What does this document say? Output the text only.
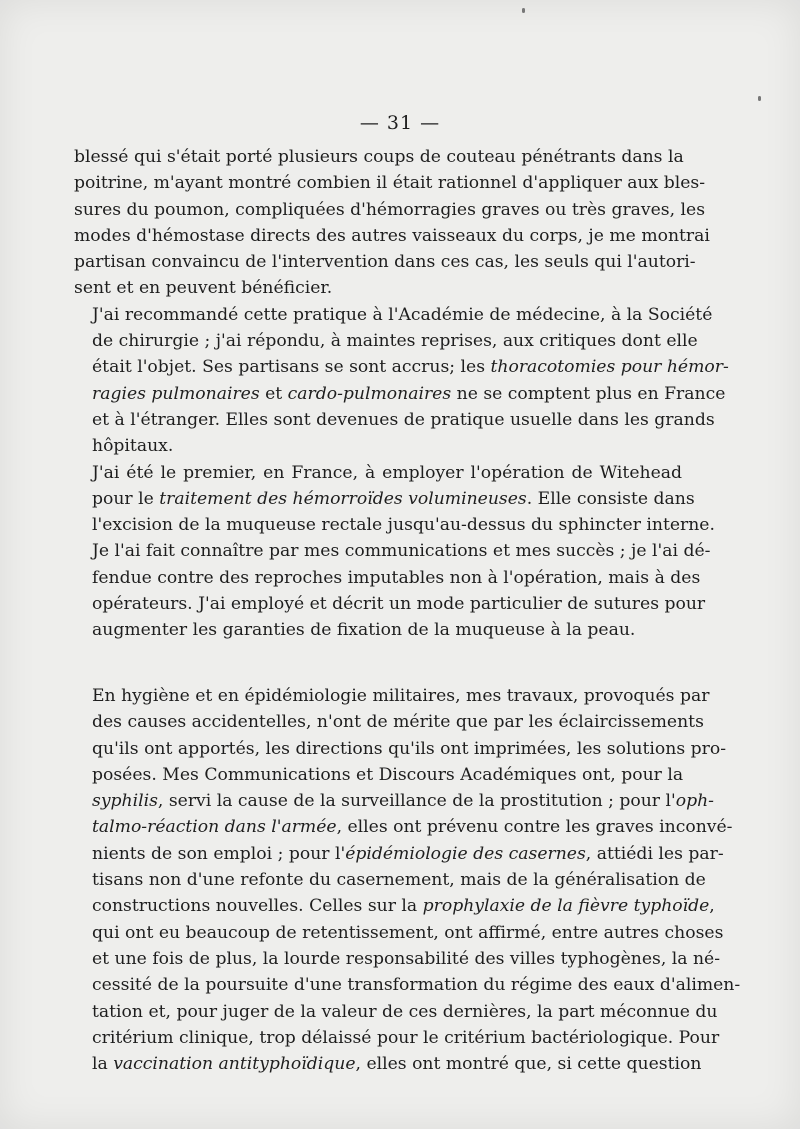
— 31 —

blessé qui s'était porté plusieurs coups de couteau pénétrants dans la
poitrine, m'ayant montré combien il était rationnel d'appliquer aux bles-
sures du poumon, compliquées d'hémorragies graves ou très graves, les
modes d'hémostase directs des autres vaisseaux du corps, je me montrai
partisan convaincu de l'intervention dans ces cas, les seuls qui l'autori-
sent et en peuvent bénéficier.

J'ai recommandé cette pratique à l'Académie de médecine, à la Société
de chirurgie ; j'ai répondu, à maintes reprises, aux critiques dont elle
était l'objet. Ses partisans se sont accrus; les thoracotomies pour hémor-
ragies pulmonaires et cardo-pulmonaires ne se comptent plus en France
et à l'étranger. Elles sont devenues de pratique usuelle dans les grands
hôpitaux.

J'ai été le premier, en France, à employer l'opération de Witehead
pour le traitement des hémorroïdes volumineuses. Elle consiste dans
l'excision de la muqueuse rectale jusqu'au-dessus du sphincter interne.
Je l'ai fait connaître par mes communications et mes succès ; je l'ai dé-
fendue contre des reproches imputables non à l'opération, mais à des
opérateurs. J'ai employé et décrit un mode particulier de sutures pour
augmenter les garanties de fixation de la muqueuse à la peau.

En hygiène et en épidémiologie militaires, mes travaux, provoqués par
des causes accidentelles, n'ont de mérite que par les éclaircissements
qu'ils ont apportés, les directions qu'ils ont imprimées, les solutions pro-
posées. Mes Communications et Discours Académiques ont, pour la
syphilis, servi la cause de la surveillance de la prostitution ; pour l'oph-
talmo-réaction dans l'armée, elles ont prévenu contre les graves inconvé-
nients de son emploi ; pour l'épidémiologie des casernes, attiédi les par-
tisans non d'une refonte du casernement, mais de la généralisation de
constructions nouvelles. Celles sur la prophylaxie de la fièvre typhoïde,
qui ont eu beaucoup de retentissement, ont affirmé, entre autres choses
et une fois de plus, la lourde responsabilité des villes typhogènes, la né-
cessité de la poursuite d'une transformation du régime des eaux d'alimen-
tation et, pour juger de la valeur de ces dernières, la part méconnue du
critérium clinique, trop délaissé pour le critérium bactériologique. Pour
la vaccination antityphoïdique, elles ont montré que, si cette question
